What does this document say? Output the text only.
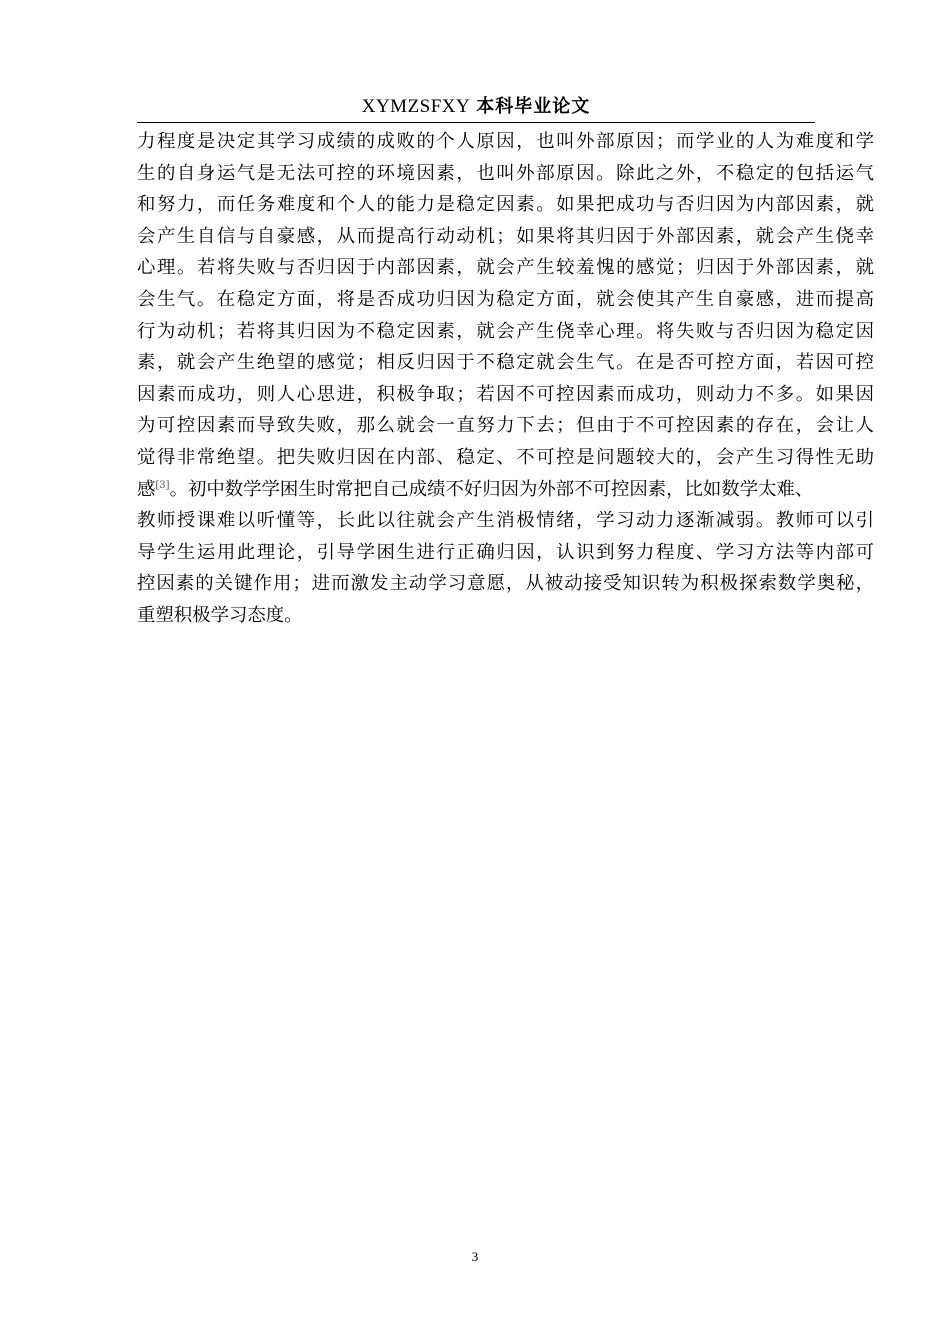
XYMZSFXY 本科毕业论文
力程度是决定其学习成绩的成败的个人原因，也叫外部原因；而学业的人为难度和学
生的自身运气是无法可控的环境因素，也叫外部原因。除此之外，不稳定的包括运气
和努力，而任务难度和个人的能力是稳定因素。如果把成功与否归因为内部因素，就
会产生自信与自豪感，从而提高行动动机；如果将其归因于外部因素，就会产生侥幸
心理。若将失败与否归因于内部因素，就会产生较羞愧的感觉；归因于外部因素，就
会生气。在稳定方面，将是否成功归因为稳定方面，就会使其产生自豪感，进而提高
行为动机；若将其归因为不稳定因素，就会产生侥幸心理。将失败与否归因为稳定因
素，就会产生绝望的感觉；相反归因于不稳定就会生气。在是否可控方面，若因可控
因素而成功，则人心思进，积极争取；若因不可控因素而成功，则动力不多。如果因
为可控因素而导致失败，那么就会一直努力下去；但由于不可控因素的存在，会让人
觉得非常绝望。把失败归因在内部、稳定、不可控是问题较大的，会产生习得性无助
感[3]。初中数学学困生时常把自己成绩不好归因为外部不可控因素，比如数学太难、
教师授课难以听懂等，长此以往就会产生消极情绪，学习动力逐渐减弱。教师可以引
导学生运用此理论，引导学困生进行正确归因，认识到努力程度、学习方法等内部可
控因素的关键作用；进而激发主动学习意愿，从被动接受知识转为积极探索数学奥秘，
重塑积极学习态度。
3
